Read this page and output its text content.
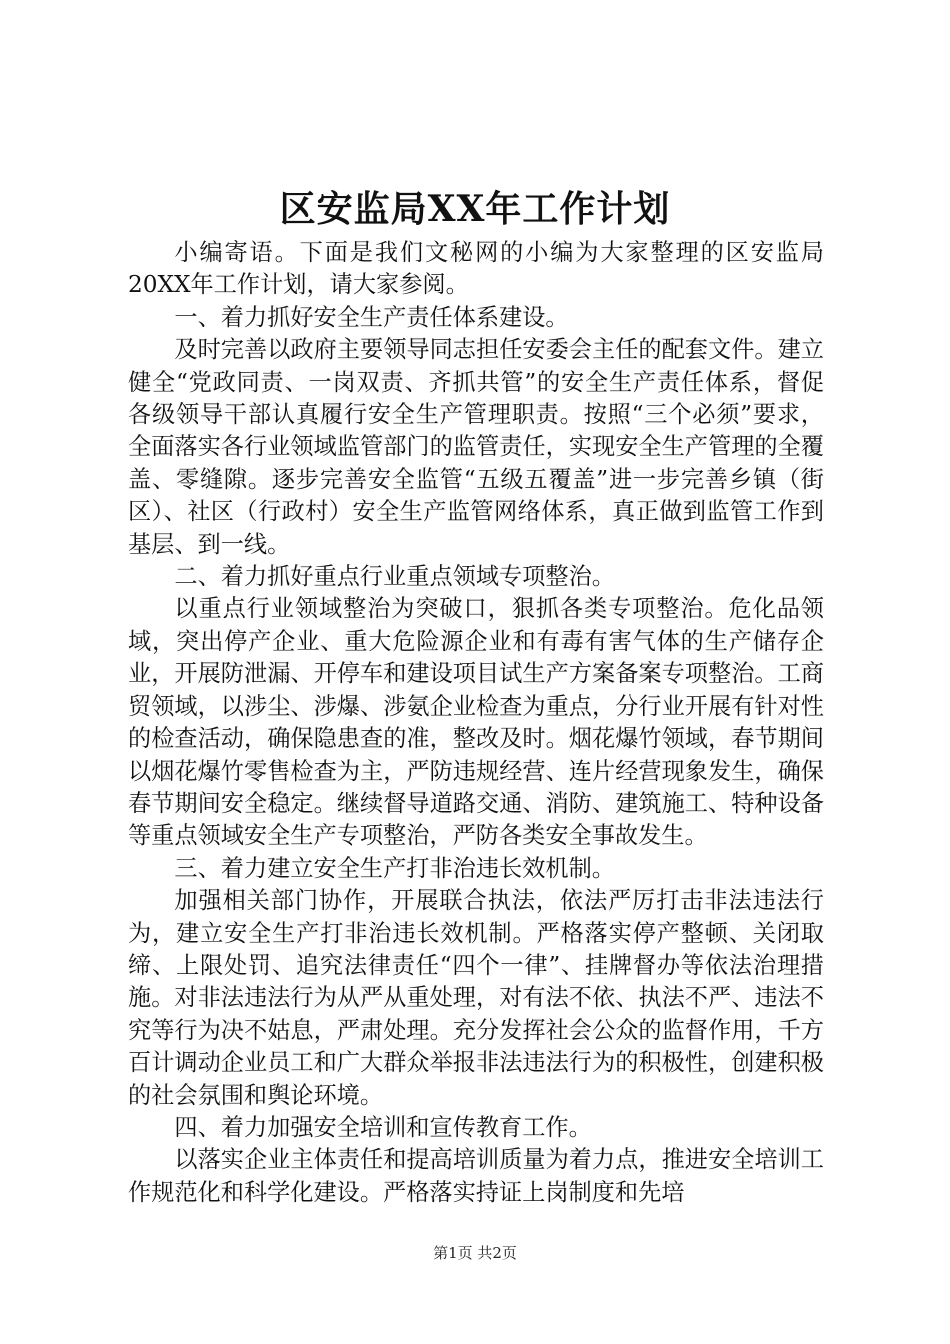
区安监局XX年工作计划

小编寄语。下面是我们文秘网的小编为大家整理的区安监局20XX年工作计划，请大家参阅。

一、着力抓好安全生产责任体系建设。

及时完善以政府主要领导同志担任安委会主任的配套文件。建立健全“党政同责、一岗双责、齐抓共管”的安全生产责任体系，督促各级领导干部认真履行安全生产管理职责。按照“三个必须”要求，全面落实各行业领域监管部门的监管责任，实现安全生产管理的全覆盖、零缝隙。逐步完善安全监管“五级五覆盖”进一步完善乡镇（街区）、社区（行政村）安全生产监管网络体系，真正做到监管工作到基层、到一线。

二、着力抓好重点行业重点领域专项整治。

以重点行业领域整治为突破口，狠抓各类专项整治。危化品领域，突出停产企业、重大危险源企业和有毒有害气体的生产储存企业，开展防泄漏、开停车和建设项目试生产方案备案专项整治。工商贸领域，以涉尘、涉爆、涉氨企业检查为重点，分行业开展有针对性的检查活动，确保隐患查的准，整改及时。烟花爆竹领域，春节期间以烟花爆竹零售检查为主，严防违规经营、连片经营现象发生，确保春节期间安全稳定。继续督导道路交通、消防、建筑施工、特种设备等重点领域安全生产专项整治，严防各类安全事故发生。

三、着力建立安全生产打非治违长效机制。

加强相关部门协作，开展联合执法，依法严厉打击非法违法行为，建立安全生产打非治违长效机制。严格落实停产整顿、关闭取缔、上限处罚、追究法律责任“四个一律”、挂牌督办等依法治理措施。对非法违法行为从严从重处理，对有法不依、执法不严、违法不究等行为决不姑息，严肃处理。充分发挥社会公众的监督作用，千方百计调动企业员工和广大群众举报非法违法行为的积极性，创建积极的社会氛围和舆论环境。

四、着力加强安全培训和宣传教育工作。

以落实企业主体责任和提高培训质量为着力点，推进安全培训工作规范化和科学化建设。严格落实持证上岗制度和先培

第1页 共2页
